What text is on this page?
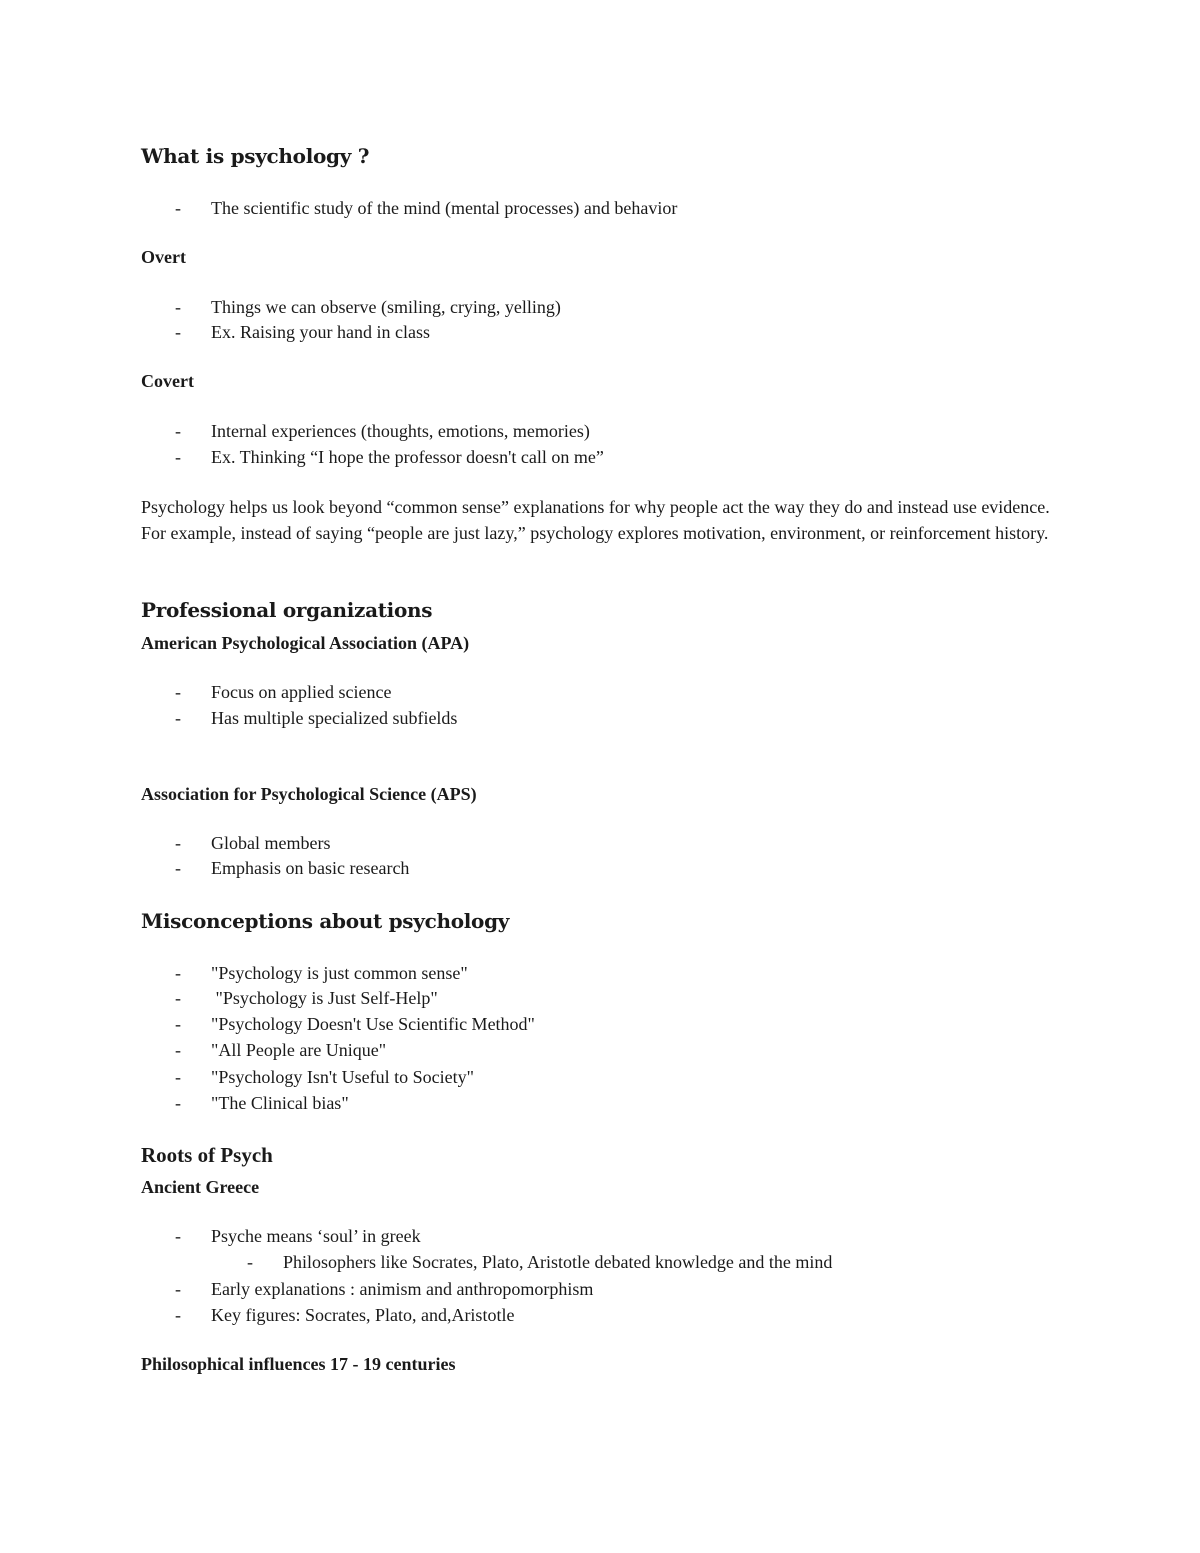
What is psychology ?
- The scientific study of the mind (mental processes) and behavior
Overt
- Things we can observe (smiling, crying, yelling)
- Ex. Raising your hand in class
Covert
- Internal experiences (thoughts, emotions, memories)
- Ex. Thinking “I hope the professor doesn't call on me”
Psychology helps us look beyond “common sense” explanations for why people act the way they do and instead use evidence. For example, instead of saying “people are just lazy,” psychology explores motivation, environment, or reinforcement history.
Professional organizations
American Psychological Association (APA)
- Focus on applied science
- Has multiple specialized subfields
Association for Psychological Science (APS)
- Global members
- Emphasis on basic research
Misconceptions about psychology
- "Psychology is just common sense"
- "Psychology is Just Self-Help"
- "Psychology Doesn't Use Scientific Method"
- "All People are Unique"
- "Psychology Isn't Useful to Society"
- "The Clinical bias"
Roots of Psych
Ancient Greece
- Psyche means ‘soul’ in greek
- Philosophers like Socrates, Plato, Aristotle debated knowledge and the mind
- Early explanations : animism and anthropomorphism
- Key figures: Socrates, Plato, and,Aristotle
Philosophical influences 17 - 19 centuries
